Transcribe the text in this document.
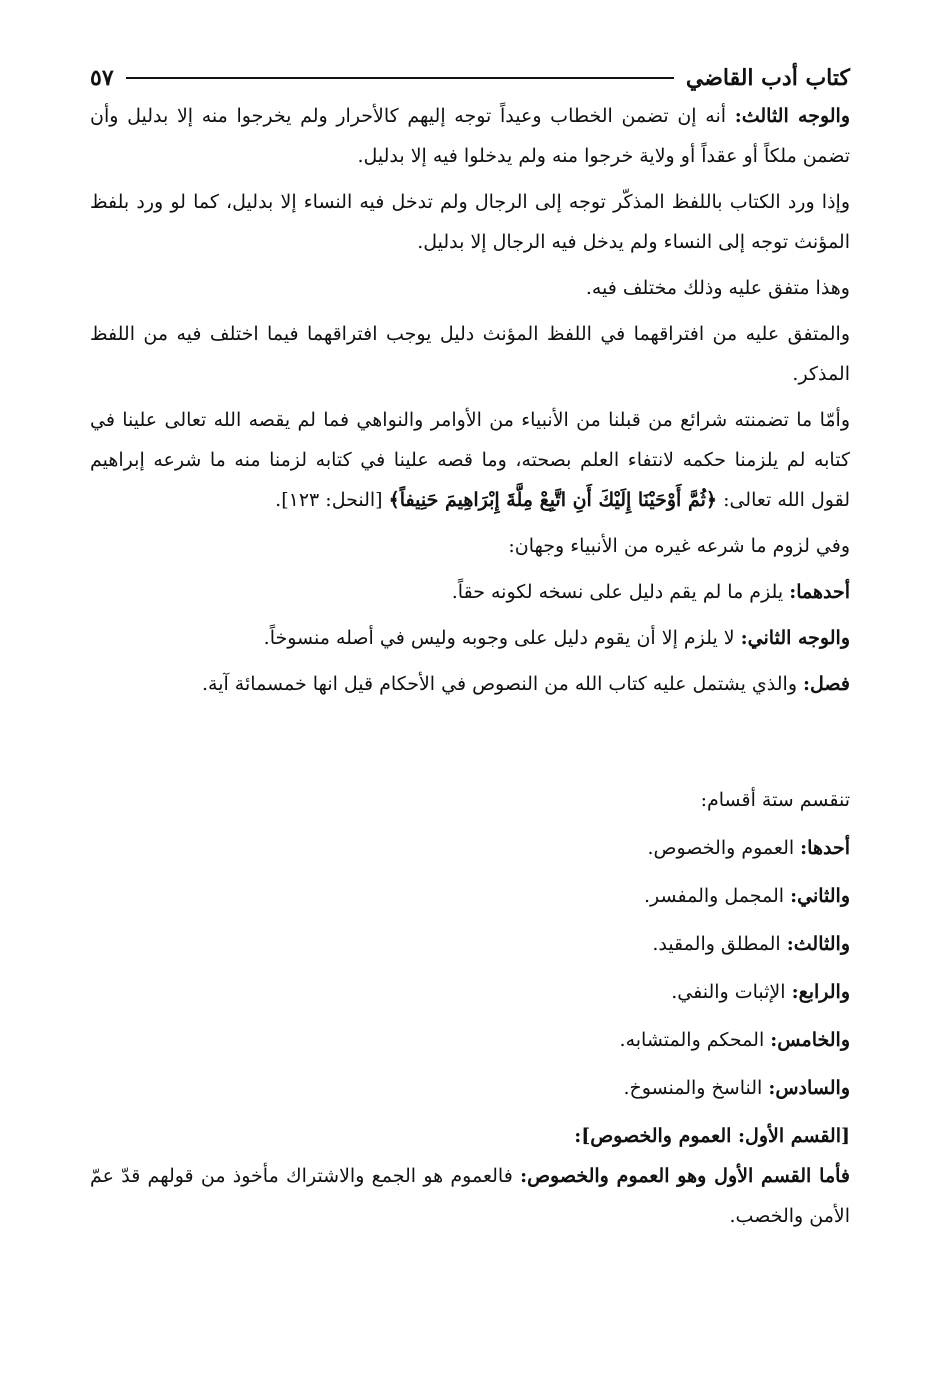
كتاب أدب القاضي
٥٧

والوجه الثالث: أنه إن تضمن الخطاب وعيداً توجه إليهم كالأحرار ولم يخرجوا منه إلا بدليل وأن تضمن ملكاً أو عقداً أو ولاية خرجوا منه ولم يدخلوا فيه إلا بدليل.

وإذا ورد الكتاب باللفظ المذكّر توجه إلى الرجال ولم تدخل فيه النساء إلا بدليل، كما لو ورد بلفظ المؤنث توجه إلى النساء ولم يدخل فيه الرجال إلا بدليل.

وهذا متفق عليه وذلك مختلف فيه.

والمتفق عليه من افتراقهما في اللفظ المؤنث دليل يوجب افتراقهما فيما اختلف فيه من اللفظ المذكر.

وأمّا ما تضمنته شرائع من قبلنا من الأنبياء من الأوامر والنواهي فما لم يقصه الله تعالى علينا في كتابه لم يلزمنا حكمه لانتفاء العلم بصحته، وما قصه علينا في كتابه لزمنا منه ما شرعه إبراهيم لقول الله تعالى: ﴿ثُمَّ أَوْحَيْنَا إِلَيْكَ أَنِ اتَّبِعْ مِلَّةَ إِبْرَاهِيمَ حَنِيفاً﴾ [النحل: ١٢٣].

وفي لزوم ما شرعه غيره من الأنبياء وجهان:

أحدهما: يلزم ما لم يقم دليل على نسخه لكونه حقاً.

والوجه الثاني: لا يلزم إلا أن يقوم دليل على وجوبه وليس في أصله منسوخاً.

فصل: والذي يشتمل عليه كتاب الله من النصوص في الأحكام قيل انها خمسمائة آية.

تنقسم ستة أقسام:

أحدها: العموم والخصوص.

والثاني: المجمل والمفسر.

والثالث: المطلق والمقيد.

والرابع: الإثبات والنفي.

والخامس: المحكم والمتشابه.

والسادس: الناسخ والمنسوخ.

[القسم الأول: العموم والخصوص]:

فأما القسم الأول وهو العموم والخصوص: فالعموم هو الجمع والاشتراك مأخوذ من قولهم قدّ عمّ الأمن والخصب.
